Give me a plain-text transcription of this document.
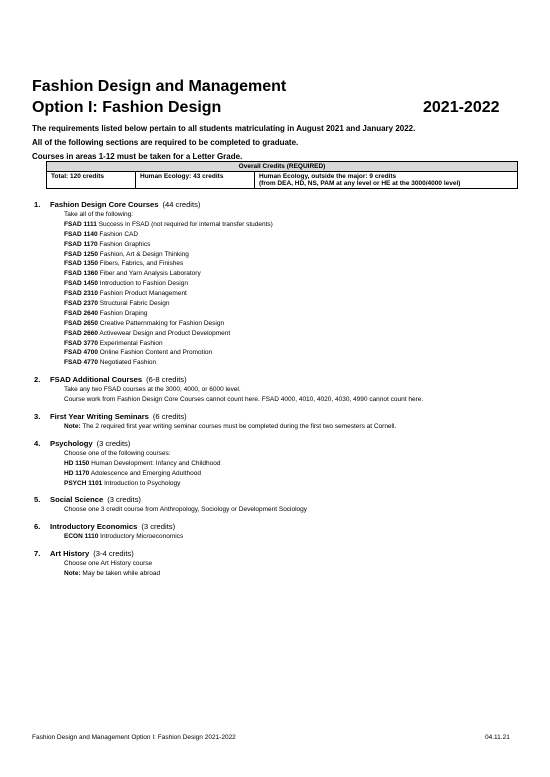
Fashion Design and Management
Option I: Fashion Design	2021-2022
The requirements listed below pertain to all students matriculating in August 2021 and January 2022.
All of the following sections are required to be completed to graduate.
Courses in areas 1-12 must be taken for a Letter Grade.
Overall Credits (REQUIRED)
Total: 120 credits	Human Ecology: 43 credits	Human Ecology, outside the major: 9 credits
(from DEA, HD, NS, PAM at any level or HE at the 3000/4000 level)
1. Fashion Design Core Courses (44 credits)
Take all of the following:
FSAD 1111 Success in FSAD (not required for internal transfer students)
FSAD 1140 Fashion CAD
FSAD 1170 Fashion Graphics
FSAD 1250 Fashion, Art & Design Thinking
FSAD 1350 Fibers, Fabrics, and Finishes
FSAD 1360 Fiber and Yarn Analysis Laboratory
FSAD 1450 Introduction to Fashion Design
FSAD 2310 Fashion Product Management
FSAD 2370 Structural Fabric Design
FSAD 2640 Fashion Draping
FSAD 2650 Creative Patternmaking for Fashion Design
FSAD 2660 Activewear Design and Product Development
FSAD 3770 Experimental Fashion
FSAD 4700 Online Fashion Content and Promotion
FSAD 4770 Negotiated Fashion
2. FSAD Additional Courses (6-8 credits)
Take any two FSAD courses at the 3000, 4000, or 6000 level.
Course work from Fashion Design Core Courses cannot count here. FSAD 4000, 4010, 4020, 4030, 4990 cannot count here.
3. First Year Writing Seminars (6 credits)
Note: The 2 required first year writing seminar courses must be completed during the first two semesters at Cornell.
4. Psychology (3 credits)
Choose one of the following courses:
HD 1150 Human Development: Infancy and Childhood
HD 1170 Adolescence and Emerging Adulthood
PSYCH 1101 Introduction to Psychology
5. Social Science (3 credits)
Choose one 3 credit course from Anthropology, Sociology or Development Sociology
6. Introductory Economics (3 credits)
ECON 1110 Introductory Microeconomics
7. Art History (3-4 credits)
Choose one Art History course
Note: May be taken while abroad
Fashion Design and Management Option I: Fashion Design 2021-2022	04.11.21
